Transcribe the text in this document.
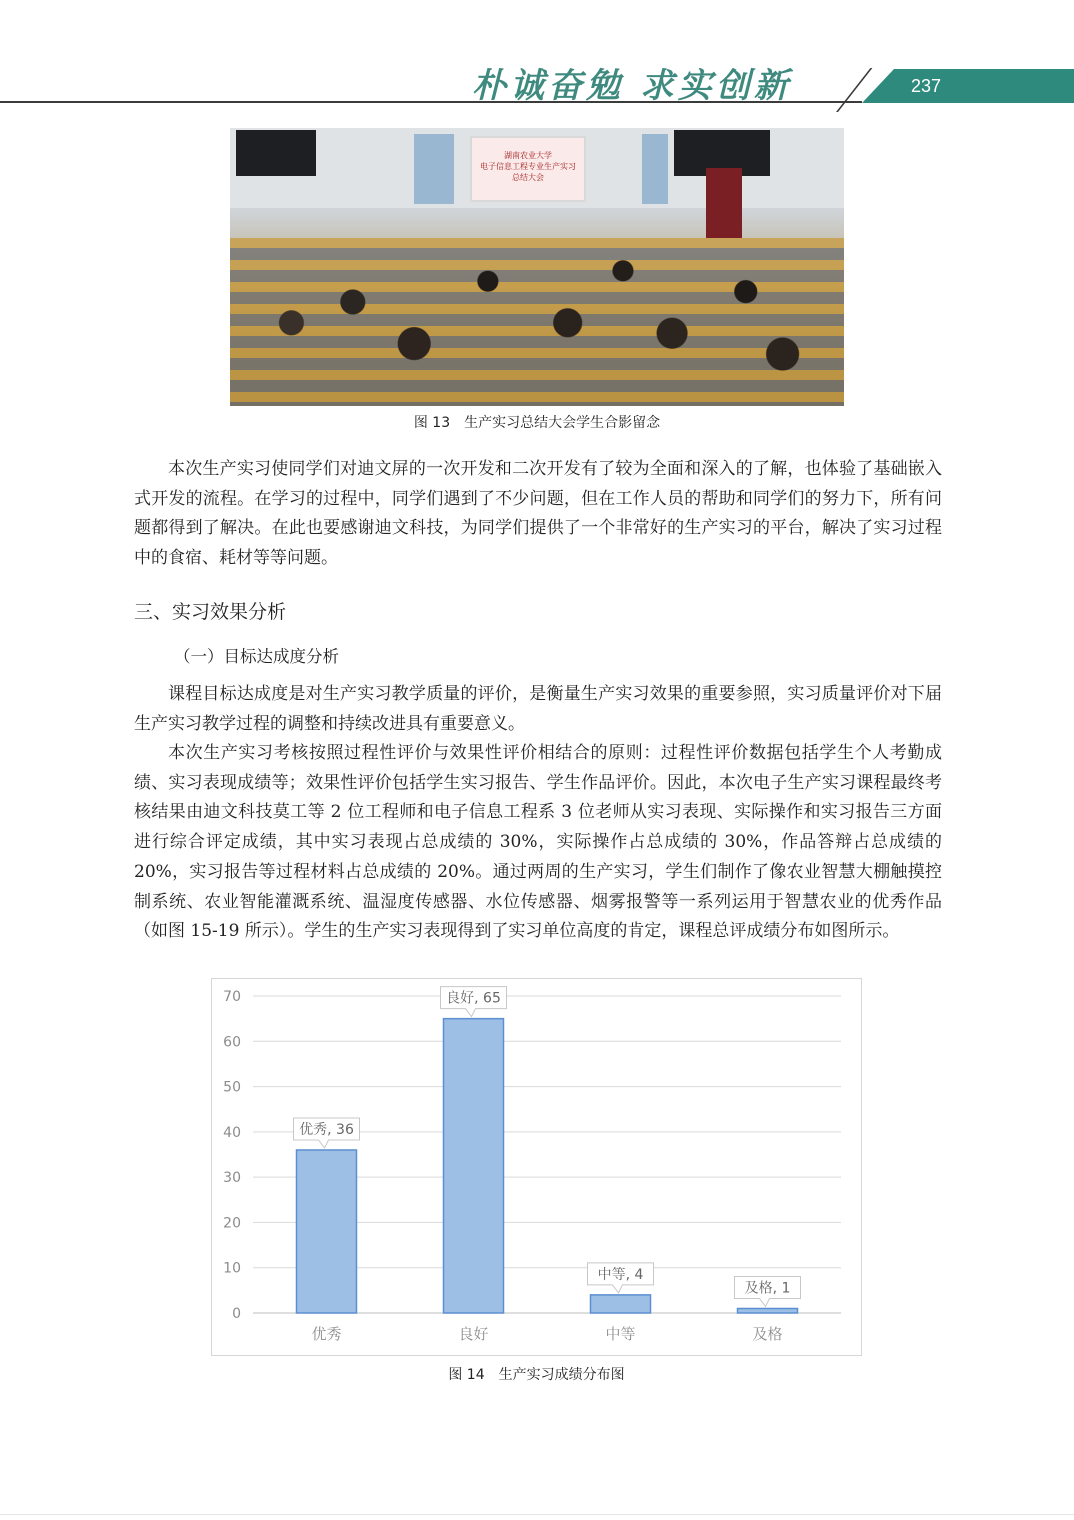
朴诚奋勉 求实创新	237
湖南农业大学
电子信息工程专业生产实习
总结大会
图 13　生产实习总结大会学生合影留念

本次生产实习使同学们对迪文屏的一次开发和二次开发有了较为全面和深入的了解，也体验了基础嵌入式开发的流程。在学习的过程中，同学们遇到了不少问题，但在工作人员的帮助和同学们的努力下，所有问题都得到了解决。在此也要感谢迪文科技，为同学们提供了一个非常好的生产实习的平台，解决了实习过程中的食宿、耗材等等问题。

三、实习效果分析
（一）目标达成度分析

课程目标达成度是对生产实习教学质量的评价，是衡量生产实习效果的重要参照，实习质量评价对下届生产实习教学过程的调整和持续改进具有重要意义。

本次生产实习考核按照过程性评价与效果性评价相结合的原则：过程性评价数据包括学生个人考勤成绩、实习表现成绩等；效果性评价包括学生实习报告、学生作品评价。因此，本次电子生产实习课程最终考核结果由迪文科技莫工等 2 位工程师和电子信息工程系 3 位老师从实习表现、实际操作和实习报告三方面进行综合评定成绩，其中实习表现占总成绩的 30%，实际操作占总成绩的 30%，作品答辩占总成绩的 20%，实习报告等过程材料占总成绩的 20%。通过两周的生产实习，学生们制作了像农业智慧大棚触摸控制系统、农业智能灌溉系统、温湿度传感器、水位传感器、烟雾报警等一系列运用于智慧农业的优秀作品（如图 15-19 所示）。学生的生产实习表现得到了实习单位高度的肯定，课程总评成绩分布如图所示。

0
10
20
30
40
50
60
70
优秀
优秀, 36
良好
良好, 65
中等
中等, 4
及格
及格, 1
图 14　生产实习成绩分布图
